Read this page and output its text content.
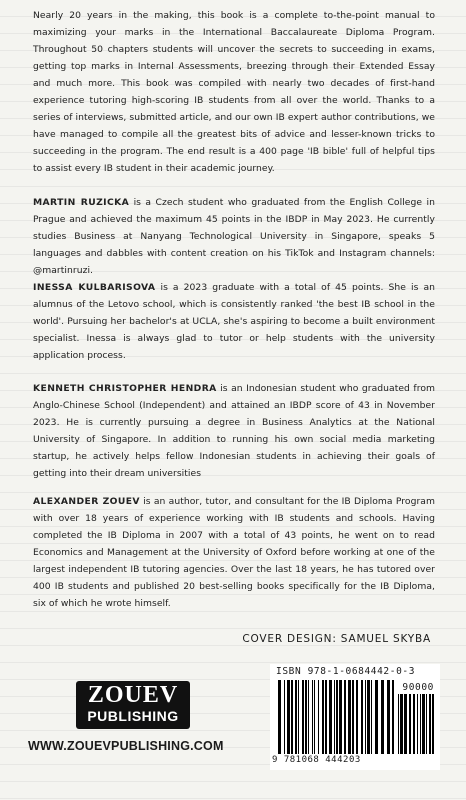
Nearly 20 years in the making, this book is a complete to-the-point manual to maximizing your marks in the International Baccalaureate Diploma Program. Throughout 50 chapters students will uncover the secrets to succeeding in exams, getting top marks in Internal Assessments, breezing through their Extended Essay and much more. This book was compiled with nearly two decades of first-hand experience tutoring high-scoring IB students from all over the world. Thanks to a series of interviews, submitted article, and our own IB expert author contributions, we have managed to compile all the greatest bits of advice and lesser-known tricks to succeeding in the program. The end result is a 400 page 'IB bible' full of helpful tips to assist every IB student in their academic journey.

MARTIN RUZICKA is a Czech student who graduated from the English College in Prague and achieved the maximum 45 points in the IBDP in May 2023. He currently studies Business at Nanyang Technological University in Singapore, speaks 5 languages and dabbles with content creation on his TikTok and Instagram channels: @martinruzi.

INESSA KULBARISOVA is a 2023 graduate with a total of 45 points. She is an alumnus of the Letovo school, which is consistently ranked 'the best IB school in the world'. Pursuing her bachelor's at UCLA, she's aspiring to become a built environment specialist. Inessa is always glad to tutor or help students with the university application process.

KENNETH CHRISTOPHER HENDRA is an Indonesian student who graduated from Anglo-Chinese School (Independent) and attained an IBDP score of 43 in November 2023. He is currently pursuing a degree in Business Analytics at the National University of Singapore. In addition to running his own social media marketing startup, he actively helps fellow Indonesian students in achieving their goals of getting into their dream universities

ALEXANDER ZOUEV is an author, tutor, and consultant for the IB Diploma Program with over 18 years of experience working with IB students and schools. Having completed the IB Diploma in 2007 with a total of 43 points, he went on to read Economics and Management at the University of Oxford before working at one of the largest independent IB tutoring agencies. Over the last 18 years, he has tutored over 400 IB students and published 20 best-selling books specifically for the IB Diploma, six of which he wrote himself.

COVER DESIGN: SAMUEL SKYBA
ZOUEV
PUBLISHING
WWW.ZOUEVPUBLISHING.COM
ISBN 978-1-0684442-0-3
90000
9 781068 444203
